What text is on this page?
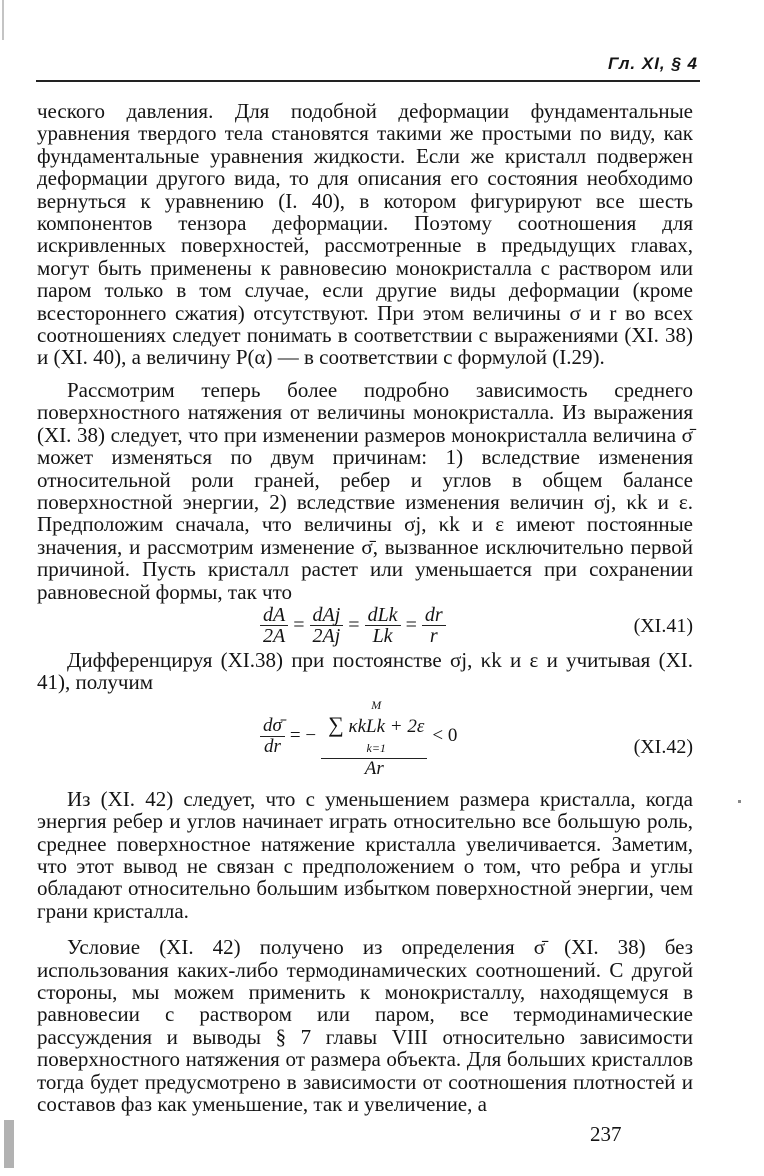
Гл. XI, § 4

ческого давления. Для подобной деформации фундаментальные уравнения твердого тела становятся такими же простыми по виду, как фундаментальные уравнения жидкости. Если же кристалл подвержен деформации другого вида, то для описания его состояния необходимо вернуться к уравнению (I. 40), в котором фигурируют все шесть компонентов тензора деформации. Поэтому соотношения для искривленных поверхностей, рассмотренные в предыдущих главах, могут быть применены к равновесию монокристалла с раствором или паром только в том случае, если другие виды деформации (кроме всестороннего сжатия) отсутствуют. При этом величины σ и r во всех соотношениях следует понимать в соответствии с выражениями (XI. 38) и (XI. 40), а величину P(α) — в соответствии с формулой (I.29).

Рассмотрим теперь более подробно зависимость среднего поверхностного натяжения от величины монокристалла. Из выражения (XI. 38) следует, что при изменении размеров монокристалла величина σ̄ может изменяться по двум причинам: 1) вследствие изменения относительной роли граней, ребер и углов в общем балансе поверхностной энергии, 2) вследствие изменения величин σj, κk и ε. Предположим сначала, что величины σj, κk и ε имеют постоянные значения, и рассмотрим изменение σ̄, вызванное исключительно первой причиной. Пусть кристалл растет или уменьшается при сохранении равновесной формы, так что

$\frac{dA}{2A} = \frac{\text{dAj}}{2Aj} = \frac{\text{dLk}}{Lk} = \frac{dr}{r}$	(XI.41)

Дифференцируя (XI.38) при постоянстве σj, κk и ε и учитывая (XI. 41), получим

$\frac{d\sigmā}{dr}$ = −
M
∑ κkLk + 2ε
k=1
Ar
< 0
(XI.42)

Из (XI. 42) следует, что с уменьшением размера кристалла, когда энергия ребер и углов начинает играть относительно все большую роль, среднее поверхностное натяжение кристалла увеличивается. Заметим, что этот вывод не связан с предположением о том, что ребра и углы обладают относительно большим избытком поверхностной энергии, чем грани кристалла.

Условие (XI. 42) получено из определения σ̄ (XI. 38) без использования каких-либо термодинамических соотношений. С другой стороны, мы можем применить к монокристаллу, находящемуся в равновесии с раствором или паром, все термодинамические рассуждения и выводы § 7 главы VIII относительно зависимости поверхностного натяжения от размера объекта. Для больших кристаллов тогда будет предусмотрено в зависимости от соотношения плотностей и составов фаз как уменьшение, так и увеличение, а

237
